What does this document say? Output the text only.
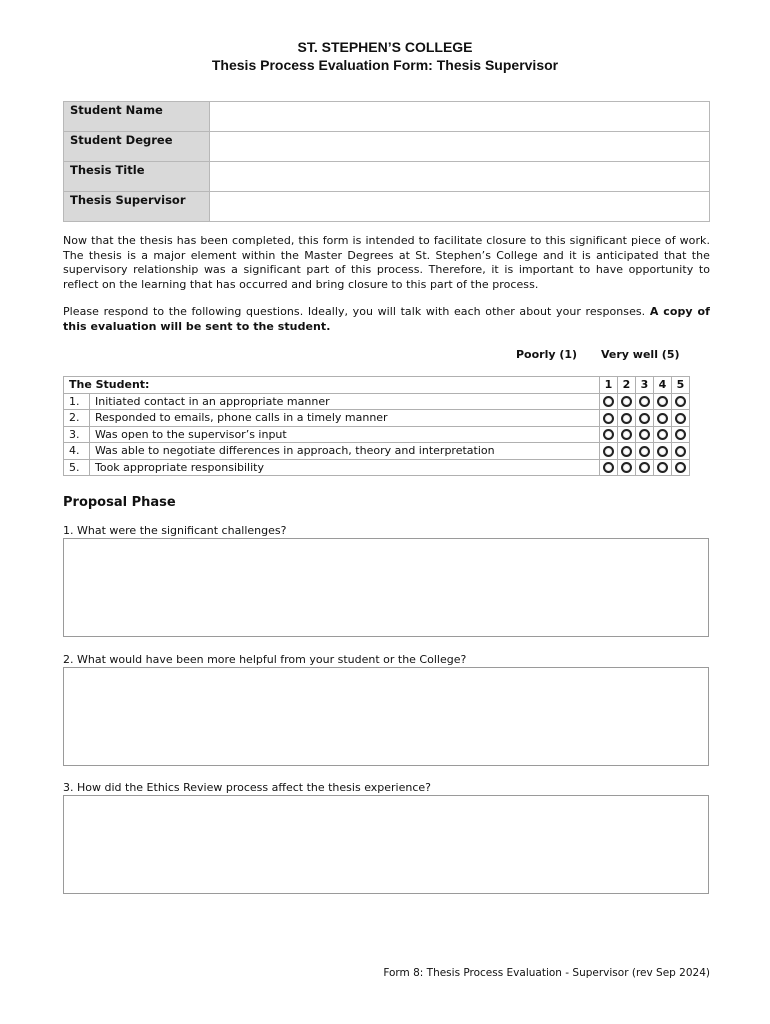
ST. STEPHEN’S COLLEGE
Thesis Process Evaluation Form: Thesis Supervisor
Student Name	
Student Degree	
Thesis Title	
Thesis Supervisor	
Now that the thesis has been completed, this form is intended to facilitate closure to this significant piece of work. The thesis is a major element within the Master Degrees at St. Stephen’s College and it is anticipated that the supervisory relationship was a significant part of this process. Therefore, it is important to have opportunity to reflect on the learning that has occurred and bring closure to this part of the process.
Please respond to the following questions. Ideally, you will talk with each other about your responses. A copy of this evaluation will be sent to the student.
Poorly (1) Very well (5)
The Student:		1	2	3	4	5
1.	Initiated contact in an appropriate manner					
2.	Responded to emails, phone calls in a timely manner					
3.	Was open to the supervisor’s input					
4.	Was able to negotiate differences in approach, theory and interpretation					
5.	Took appropriate responsibility					
Proposal Phase
1. What were the significant challenges?
2. What would have been more helpful from your student or the College?
3. How did the Ethics Review process affect the thesis experience?
Form 8: Thesis Process Evaluation - Supervisor (rev Sep 2024)
